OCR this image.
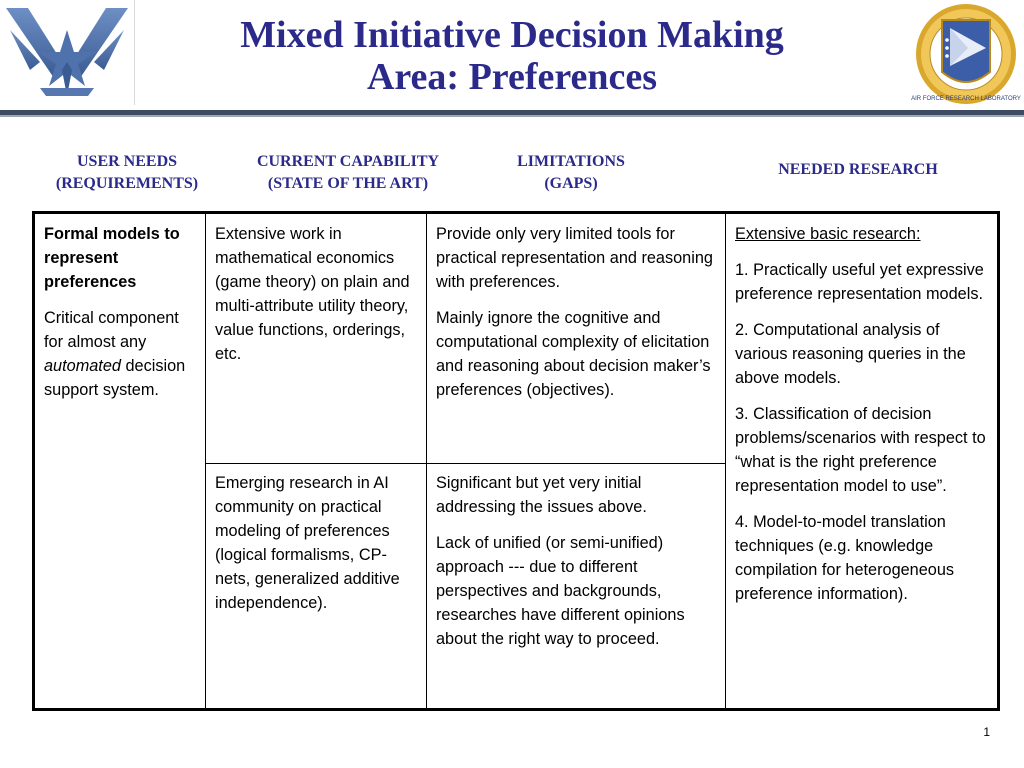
Mixed Initiative Decision Making
Area: Preferences
AIR FORCE RESEARCH LABORATORY
USER NEEDS
(REQUIREMENTS)
CURRENT CAPABILITY
(STATE OF THE ART)
LIMITATIONS
(GAPS)
NEEDED RESEARCH

Formal models to represent preferences

Critical component for almost any automated decision support system.

Extensive work in mathematical economics (game theory) on plain and multi-attribute utility theory, value functions, orderings, etc.

Emerging research in AI community on practical modeling of preferences (logical formalisms, CP-nets, generalized additive independence).

Provide only very limited tools for practical representation and reasoning with preferences.

Mainly ignore the cognitive and computational complexity of elicitation and reasoning about decision maker’s preferences (objectives).

Significant but yet very initial addressing the issues above.

Lack of unified (or semi-unified) approach --- due to different perspectives and backgrounds, researches have different opinions about the right way to proceed.

Extensive basic research:

1. Practically useful yet expressive preference representation models.

2. Computational analysis of various reasoning queries in the above models.

3. Classification of decision problems/scenarios with respect to “what is the right preference representation model to use”.

4. Model-to-model translation techniques (e.g. knowledge compilation for heterogeneous preference information).

1
